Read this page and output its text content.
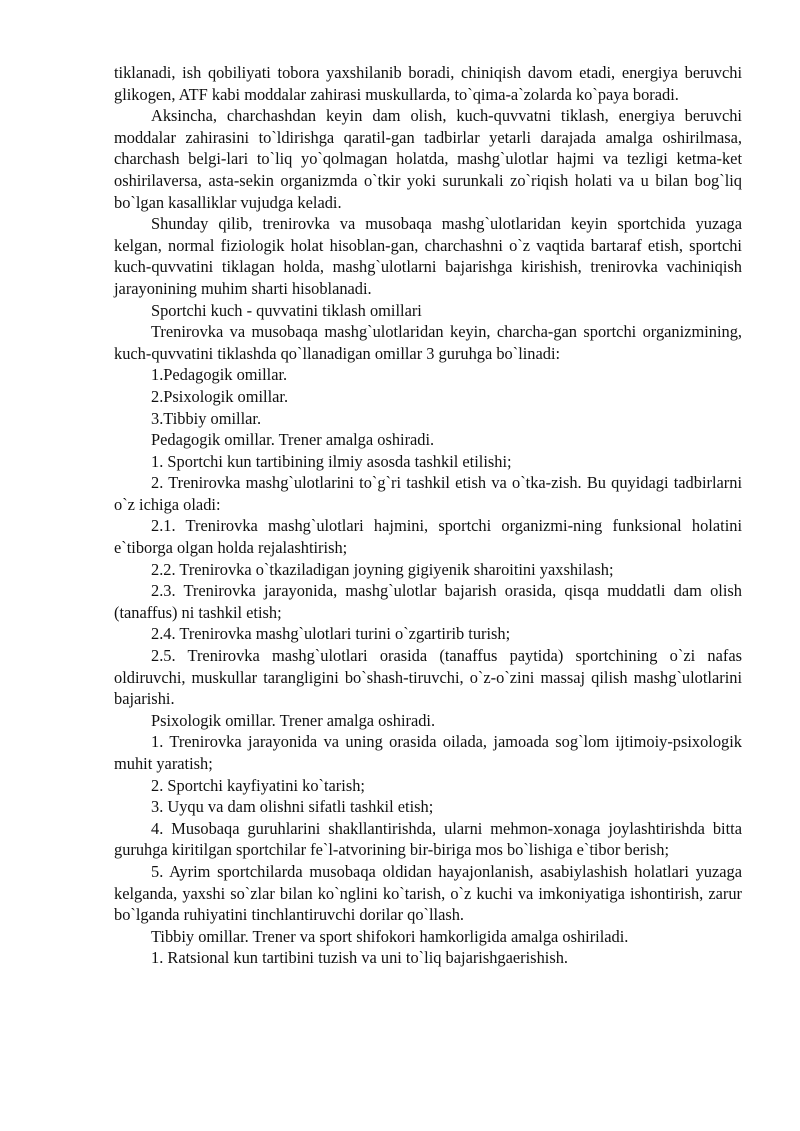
tiklanadi, ish qobiliyati tobora yaxshilanib boradi, chiniqish davom etadi, energiya beruvchi glikogen, ATF kabi moddalar zahirasi muskullarda, to`qima-a`zolarda ko`paya boradi.

Aksincha, charchashdan keyin dam olish, kuch-quvvatni tiklash, energiya beruvchi moddalar zahirasini to`ldirishga qaratil-gan tadbirlar yetarli darajada amalga oshirilmasa, charchash belgi-lari to`liq yo`qolmagan holatda, mashg`ulotlar hajmi va tezligi ketma-ket oshirilaversa, asta-sekin organizmda o`tkir yoki surunkali zo`riqish holati va u bilan bog`liq bo`lgan kasalliklar vujudga keladi.

Shunday qilib, trenirovka va musobaqa mashg`ulotlaridan keyin sportchida yuzaga kelgan, normal fiziologik holat hisoblan-gan, charchashni o`z vaqtida bartaraf etish, sportchi kuch-quvvatini tiklagan holda, mashg`ulotlarni bajarishga kirishish, trenirovka vachiniqish jarayonining muhim sharti hisoblanadi.

Sportchi kuch - quvvatini tiklash omillari

Trenirovka va musobaqa mashg`ulotlaridan keyin, charcha-gan sportchi organizmining, kuch-quvvatini tiklashda qo`llanadigan omillar 3 guruhga bo`linadi:

1.Pedagogik omillar.

2.Psixologik omillar.

3.Tibbiy omillar.

Pedagogik omillar. Trener amalga oshiradi.

1. Sportchi kun tartibining ilmiy asosda tashkil etilishi;

2. Trenirovka mashg`ulotlarini to`g`ri tashkil etish va o`tka-zish. Bu quyidagi tadbirlarni o`z ichiga oladi:

2.1. Trenirovka mashg`ulotlari hajmini, sportchi organizmi-ning funksional holatini e`tiborga olgan holda rejalashtirish;

2.2. Trenirovka o`tkaziladigan joyning gigiyenik sharoitini yaxshilash;

2.3. Trenirovka jarayonida, mashg`ulotlar bajarish orasida, qisqa muddatli dam olish (tanaffus) ni tashkil etish;

2.4. Trenirovka mashg`ulotlari turini o`zgartirib turish;

2.5. Trenirovka mashg`ulotlari orasida (tanaffus paytida) sportchining o`zi nafas oldiruvchi, muskullar tarangligini bo`shash-tiruvchi, o`z-o`zini massaj qilish mashg`ulotlarini bajarishi.

Psixologik omillar. Trener amalga oshiradi.

1. Trenirovka jarayonida va uning orasida oilada, jamoada sog`lom ijtimoiy-psixologik muhit yaratish;

2. Sportchi kayfiyatini ko`tarish;

3. Uyqu va dam olishni sifatli tashkil etish;

4. Musobaqa guruhlarini shakllantirishda, ularni mehmon-xonaga joylashtirishda bitta guruhga kiritilgan sportchilar fe`l-atvorining bir-biriga mos bo`lishiga e`tibor berish;

5. Ayrim sportchilarda musobaqa oldidan hayajonlanish, asabiylashish holatlari yuzaga kelganda, yaxshi so`zlar bilan ko`nglini ko`tarish, o`z kuchi va imkoniyatiga ishontirish, zarur bo`lganda ruhiyatini tinchlantiruvchi dorilar qo`llash.

Tibbiy omillar. Trener va sport shifokori hamkorligida amalga oshiriladi.

1. Ratsional kun tartibini tuzish va uni to`liq bajarishgaerishish.
